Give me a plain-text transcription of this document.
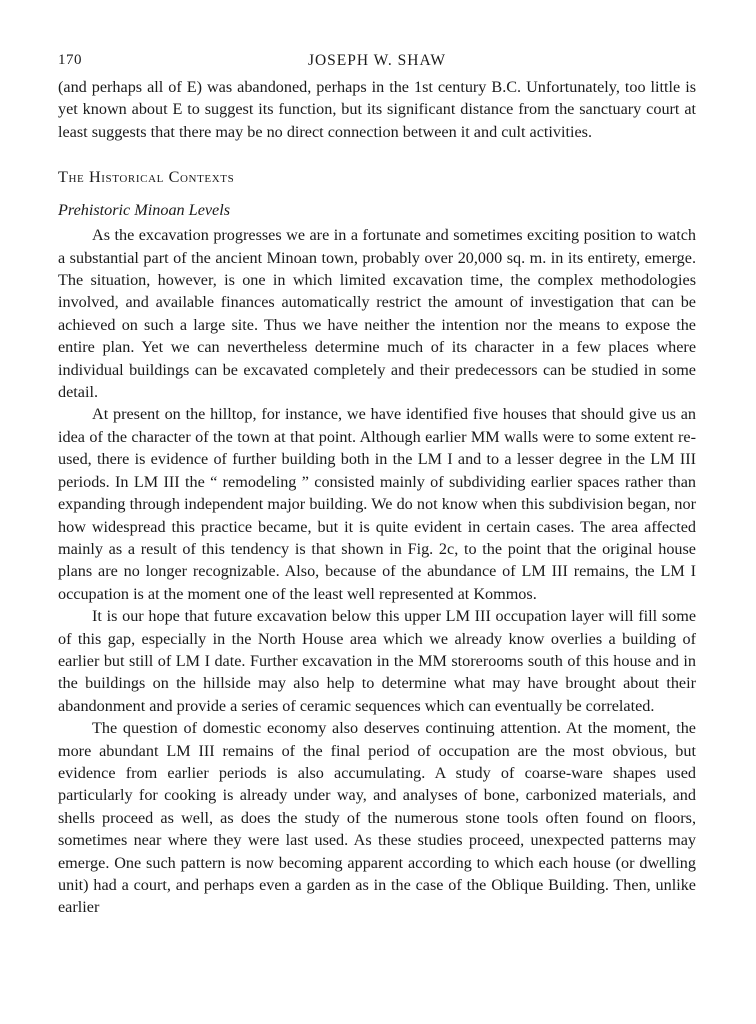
170	JOSEPH W. SHAW

(and perhaps all of E) was abandoned, perhaps in the 1st century B.C. Unfortunately, too little is yet known about E to suggest its function, but its significant distance from the sanctuary court at least suggests that there may be no direct connection between it and cult activities.

The Historical Contexts
Prehistoric Minoan Levels

As the excavation progresses we are in a fortunate and sometimes exciting position to watch a substantial part of the ancient Minoan town, probably over 20,000 sq. m. in its entirety, emerge. The situation, however, is one in which limited excavation time, the complex methodologies involved, and available finances automatically restrict the amount of investigation that can be achieved on such a large site. Thus we have neither the intention nor the means to expose the entire plan. Yet we can nevertheless determine much of its character in a few places where individual buildings can be excavated completely and their predecessors can be studied in some detail.

At present on the hilltop, for instance, we have identified five houses that should give us an idea of the character of the town at that point. Although earlier MM walls were to some extent re-used, there is evidence of further building both in the LM I and to a lesser degree in the LM III periods. In LM III the “ remodeling ” consisted mainly of subdividing earlier spaces rather than expanding through independent major building. We do not know when this subdivision began, nor how widespread this practice became, but it is quite evident in certain cases. The area affected mainly as a result of this tendency is that shown in Fig. 2c, to the point that the original house plans are no longer recognizable. Also, because of the abundance of LM III remains, the LM I occupation is at the moment one of the least well represented at Kommos.

It is our hope that future excavation below this upper LM III occupation layer will fill some of this gap, especially in the North House area which we already know overlies a building of earlier but still of LM I date. Further excavation in the MM storerooms south of this house and in the buildings on the hillside may also help to determine what may have brought about their abandonment and provide a series of ceramic sequences which can eventually be correlated.

The question of domestic economy also deserves continuing attention. At the moment, the more abundant LM III remains of the final period of occupation are the most obvious, but evidence from earlier periods is also accumulating. A study of coarse-ware shapes used particularly for cooking is already under way, and analyses of bone, carbonized materials, and shells proceed as well, as does the study of the numerous stone tools often found on floors, sometimes near where they were last used. As these studies proceed, unexpected patterns may emerge. One such pattern is now becoming apparent according to which each house (or dwelling unit) had a court, and perhaps even a garden as in the case of the Oblique Building. Then, unlike earlier
